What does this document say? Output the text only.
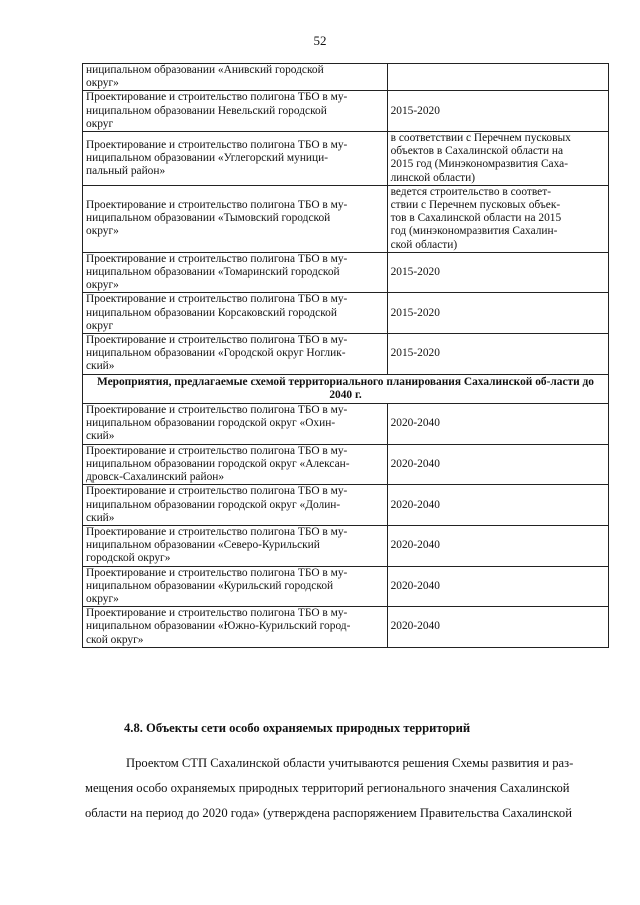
52
ниципальном образовании «Анивский городской
округ»	

Проектирование и строительство полигона ТБО в му-
ниципальном образовании Невельский городской
округ	2015-2020

Проектирование и строительство полигона ТБО в му-
ниципальном образовании «Углегорский муници-
пальный район»	в соответствии с Перечнем пусковых
объектов в Сахалинской области на
2015 год (Минэкономразвития Саха-
линской области)

Проектирование и строительство полигона ТБО в му-
ниципальном образовании «Тымовский городской
округ»	ведется строительство в соответ-
ствии с Перечнем пусковых объек-
тов в Сахалинской области на 2015
год (минэкономразвития Сахалин-
ской области)

Проектирование и строительство полигона ТБО в му-
ниципальном образовании «Томаринский городской
округ»	2015-2020

Проектирование и строительство полигона ТБО в му-
ниципальном образовании Корсаковский городской
округ	2015-2020

Проектирование и строительство полигона ТБО в му-
ниципальном образовании «Городской округ Ноглик-
ский»	2015-2020

Мероприятия, предлагаемые схемой территориального планирования Сахалинской об-ласти до 2040 г.	

Проектирование и строительство полигона ТБО в му-
ниципальном образовании городской округ «Охин-
ский»	2020-2040

Проектирование и строительство полигона ТБО в му-
ниципальном образовании городской округ «Алексан-
дровск-Сахалинский район»	2020-2040

Проектирование и строительство полигона ТБО в му-
ниципальном образовании городской округ «Долин-
ский»	2020-2040

Проектирование и строительство полигона ТБО в му-
ниципальном образовании «Северо-Курильский
городской округ»	2020-2040

Проектирование и строительство полигона ТБО в му-
ниципальном образовании «Курильский городской
округ»	2020-2040

Проектирование и строительство полигона ТБО в му-
ниципальном образовании «Южно-Курильский город-
ской округ»	2020-2040
4.8. Объекты сети особо охраняемых природных территорий
Проектом СТП Сахалинской области учитываются решения Схемы развития и раз-
мещения особо охраняемых природных территорий регионального значения Сахалинской
области на период до 2020 года» (утверждена распоряжением Правительства Сахалинской
